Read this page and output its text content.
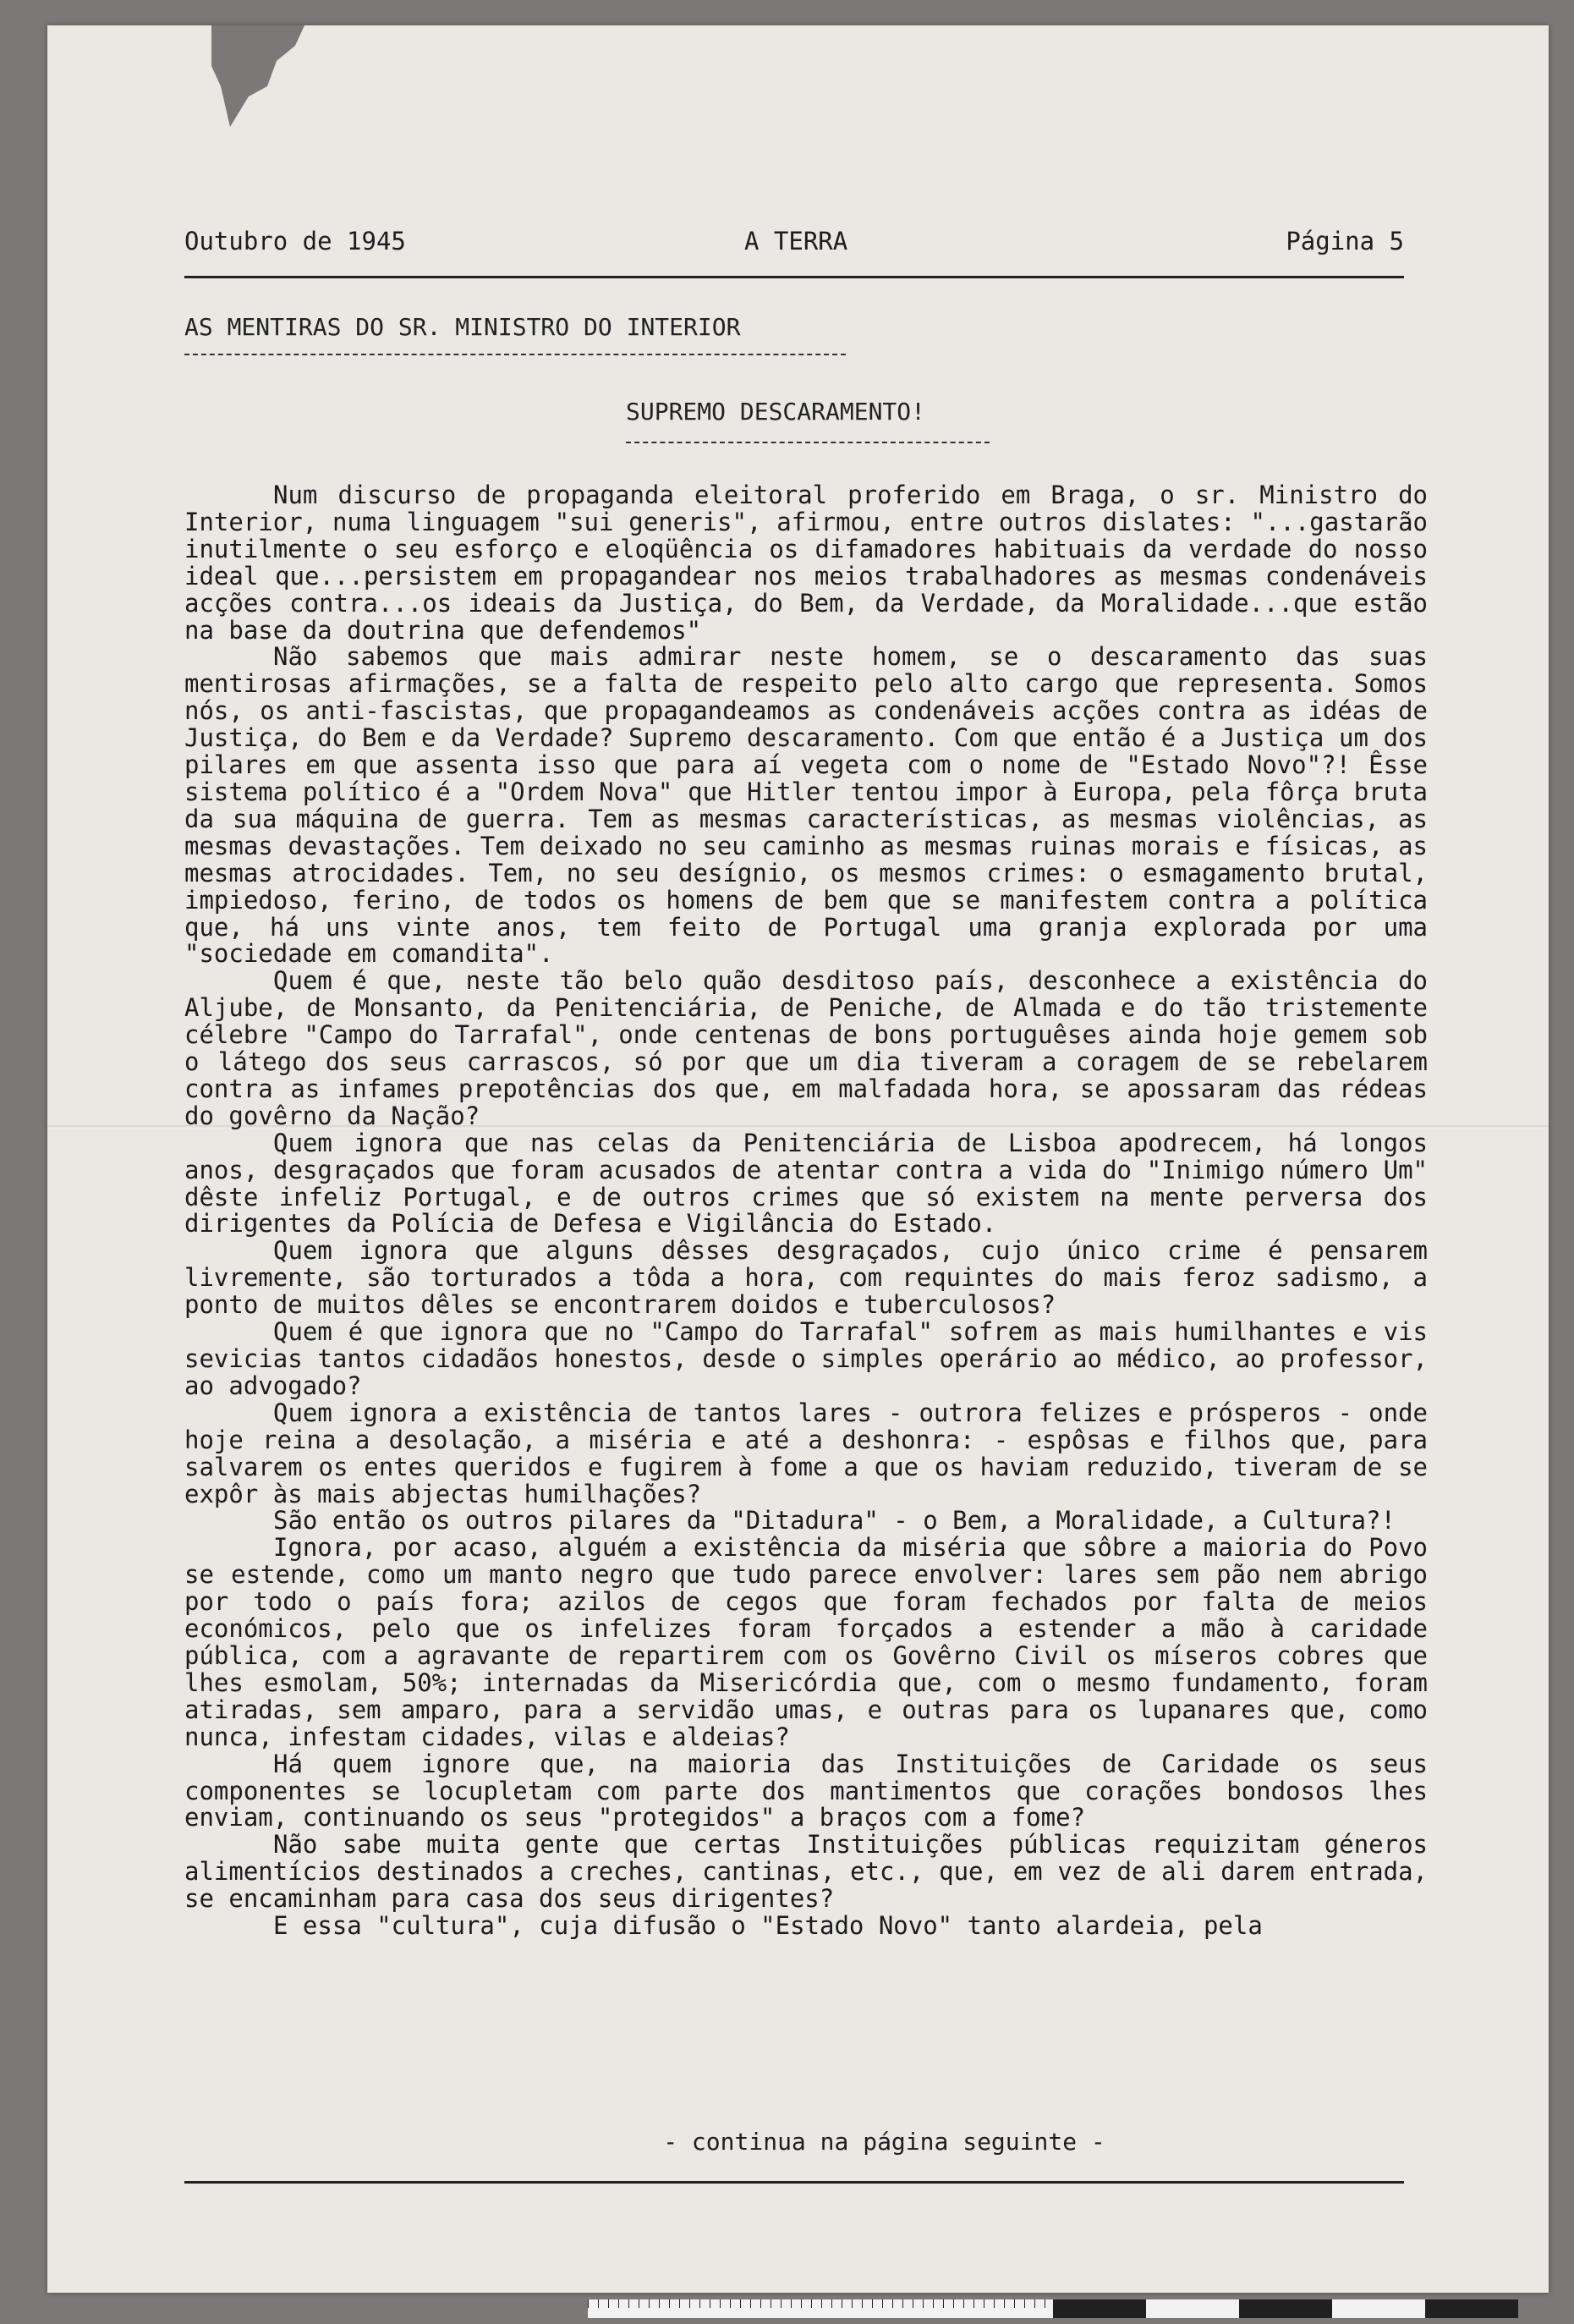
Outubro de 1945	A TERRA	Página 5
AS MENTIRAS DO SR. MINISTRO DO INTERIOR
SUPREMO DESCARAMENTO!

Num discurso de propaganda eleitoral proferido em Braga, o sr. Ministro do Interior, numa linguagem "sui generis", afirmou, entre outros dislates: "...gastarão inutilmente o seu esforço e eloqüência os difamadores habituais da verdade do nosso ideal que...persistem em propagandear nos meios trabalhadores as mesmas condenáveis acções contra...os ideais da Justiça, do Bem, da Verdade, da Moralidade...que estão na base da doutrina que defendemos"

Não sabemos que mais admirar neste homem, se o descaramento das suas mentirosas afirmações, se a falta de respeito pelo alto cargo que representa. Somos nós, os anti-fascistas, que propagandeamos as condenáveis acções contra as idéas de Justiça, do Bem e da Verdade? Supremo descaramento. Com que então é a Justiça um dos pilares em que assenta isso que para aí vegeta com o nome de "Estado Novo"?! Êsse sistema político é a "Ordem Nova" que Hitler tentou impor à Europa, pela fôrça bruta da sua máquina de guerra. Tem as mesmas características, as mesmas violências, as mesmas devastações. Tem deixado no seu caminho as mesmas ruinas morais e físicas, as mesmas atrocidades. Tem, no seu desígnio, os mesmos crimes: o esmagamento brutal, impiedoso, ferino, de todos os homens de bem que se manifestem contra a política que, há uns vinte anos, tem feito de Portugal uma granja explorada por uma "sociedade em comandita".

Quem é que, neste tão belo quão desditoso país, desconhece a existência do Aljube, de Monsanto, da Penitenciária, de Peniche, de Almada e do tão tristemente célebre "Campo do Tarrafal", onde centenas de bons portuguêses ainda hoje gemem sob o látego dos seus carrascos, só por que um dia tiveram a coragem de se rebelarem contra as infames prepotências dos que, em malfadada hora, se apossaram das rédeas do govêrno da Nação?

Quem ignora que nas celas da Penitenciária de Lisboa apodrecem, há longos anos, desgraçados que foram acusados de atentar contra a vida do "Inimigo número Um" dêste infeliz Portugal, e de outros crimes que só existem na mente perversa dos dirigentes da Polícia de Defesa e Vigilância do Estado.

Quem ignora que alguns dêsses desgraçados, cujo único crime é pensarem livremente, são torturados a tôda a hora, com requintes do mais feroz sadismo, a ponto de muitos dêles se encontrarem doidos e tuberculosos?

Quem é que ignora que no "Campo do Tarrafal" sofrem as mais humilhantes e vis sevicias tantos cidadãos honestos, desde o simples operário ao médico, ao professor, ao advogado?

Quem ignora a existência de tantos lares - outrora felizes e prósperos - onde hoje reina a desolação, a miséria e até a deshonra: - espôsas e filhos que, para salvarem os entes queridos e fugirem à fome a que os haviam reduzido, tiveram de se expôr às mais abjectas humilhações?

São então os outros pilares da "Ditadura" - o Bem, a Moralidade, a Cultura?!

Ignora, por acaso, alguém a existência da miséria que sôbre a maioria do Povo se estende, como um manto negro que tudo parece envolver: lares sem pão nem abrigo por todo o país fora; azilos de cegos que foram fechados por falta de meios económicos, pelo que os infelizes foram forçados a estender a mão à caridade pública, com a agravante de repartirem com os Govêrno Civil os míseros cobres que lhes esmolam, 50%; internadas da Misericórdia que, com o mesmo fundamento, foram atiradas, sem amparo, para a servidão umas, e outras para os lupanares que, como nunca, infestam cidades, vilas e aldeias?

Há quem ignore que, na maioria das Instituições de Caridade os seus componentes se locupletam com parte dos mantimentos que corações bondosos lhes enviam, continuando os seus "protegidos" a braços com a fome?

Não sabe muita gente que certas Instituições públicas requizitam géneros alimentícios destinados a creches, cantinas, etc., que, em vez de ali darem entrada, se encaminham para casa dos seus dirigentes?

E essa "cultura", cuja difusão o "Estado Novo" tanto alardeia, pela

- continua na página seguinte -
